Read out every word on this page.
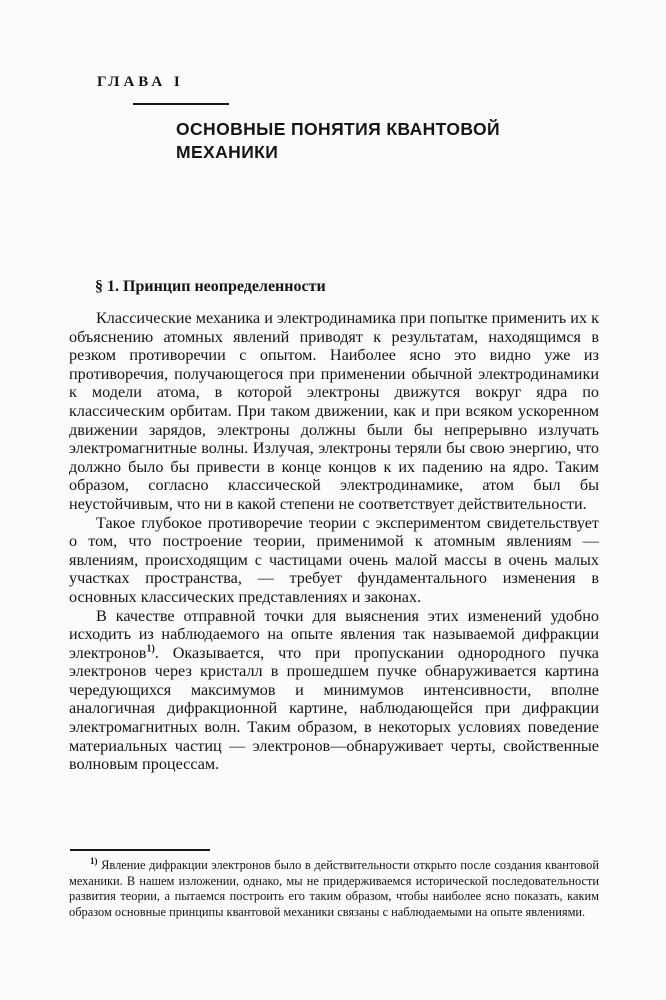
ГЛАВА I
ОСНОВНЫЕ ПОНЯТИЯ КВАНТОВОЙ МЕХАНИКИ
§ 1. Принцип неопределенности

Классические механика и электродинамика при попытке применить их к объяснению атомных явлений приводят к результатам, находящимся в резком противоречии с опытом. Наиболее ясно это видно уже из противоречия, получающегося при применении обычной электродинамики к модели атома, в которой электроны движутся вокруг ядра по классическим орбитам. При таком движении, как и при всяком ускоренном движении зарядов, электроны должны были бы непрерывно излучать электромагнитные волны. Излучая, электроны теряли бы свою энергию, что должно было бы привести в конце концов к их падению на ядро. Таким образом, согласно классической электродинамике, атом был бы неустойчивым, что ни в какой степени не соответствует действительности.

Такое глубокое противоречие теории с экспериментом свидетельствует о том, что построение теории, применимой к атомным явлениям — явлениям, происходящим с частицами очень малой массы в очень малых участках пространства, — требует фундаментального изменения в основных классических представлениях и законах.

В качестве отправной точки для выяснения этих изменений удобно исходить из наблюдаемого на опыте явления так называемой дифракции электронов$^{1)}$. Оказывается, что при пропускании однородного пучка электронов через кристалл в прошедшем пучке обнаруживается картина чередующихся максимумов и минимумов интенсивности, вполне аналогичная дифракционной картине, наблюдающейся при дифракции электромагнитных волн. Таким образом, в некоторых условиях поведение материальных частиц — электронов—обнаруживает черты, свойственные волновым процессам.

$^{1)}$ Явление дифракции электронов было в действительности открыто после создания квантовой механики. В нашем изложении, однако, мы не придерживаемся исторической последовательности развития теории, а пытаемся построить его таким образом, чтобы наиболее ясно показать, каким образом основные принципы квантовой механики связаны с наблюдаемыми на опыте явлениями.
